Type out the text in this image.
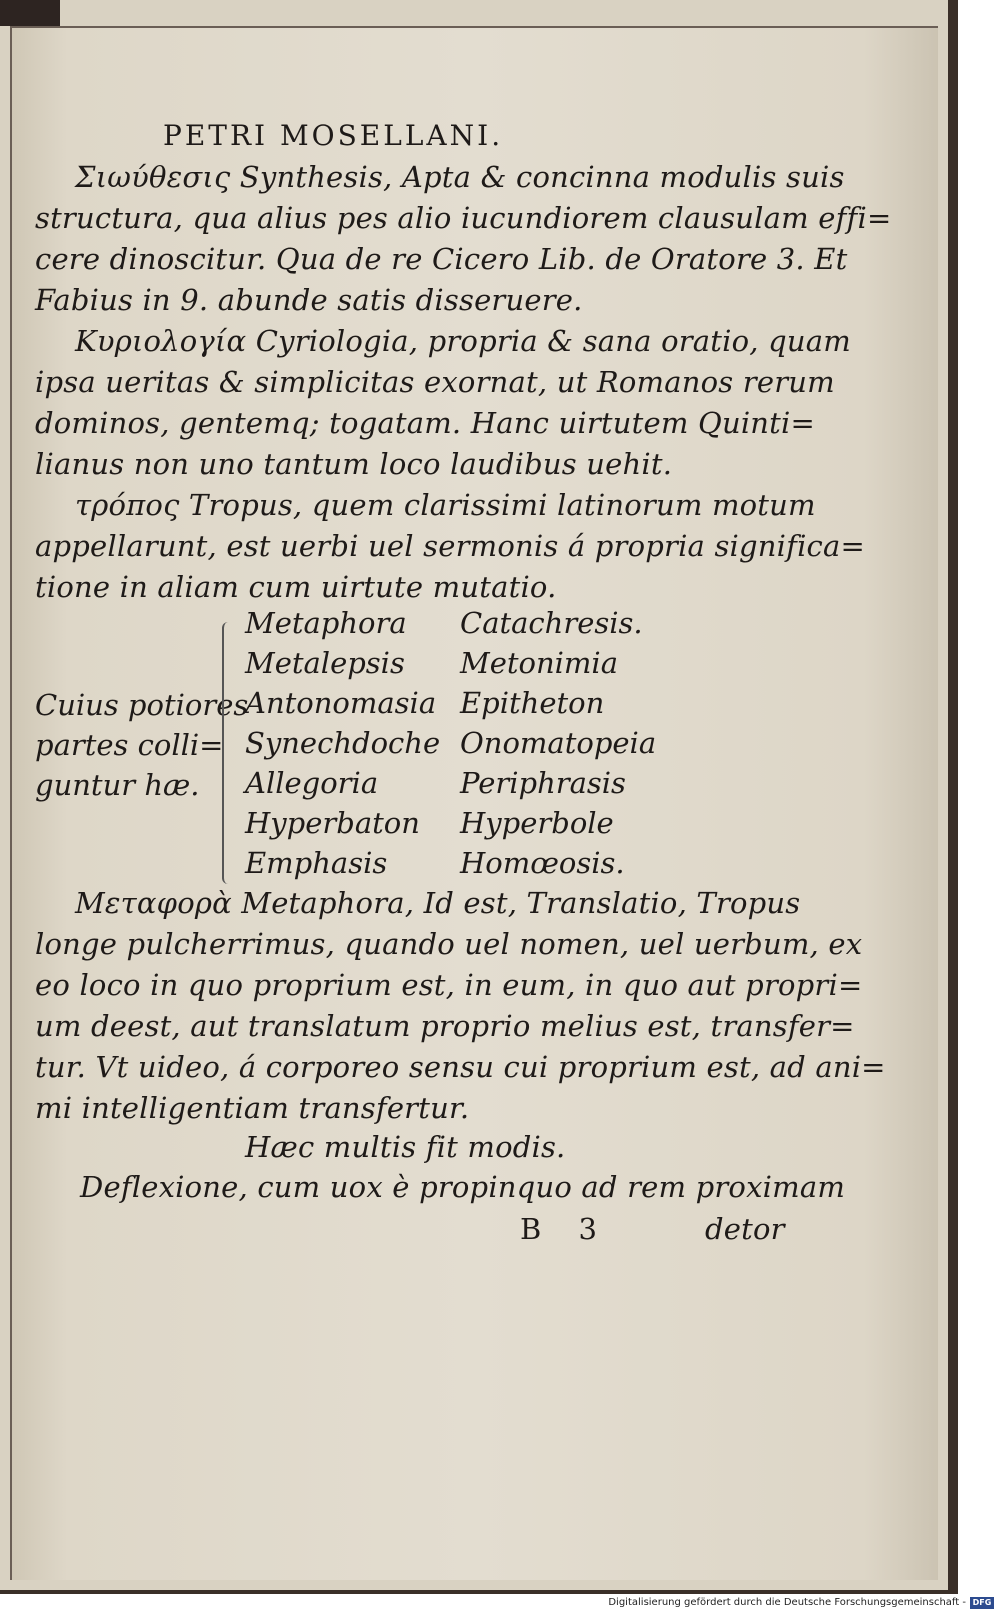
PETRI MOSELLANI.
Σιωύθεσις Synthesis, Apta & concinna modulis suis
structura, qua alius pes alio iucundiorem clausulam effi=
cere dinoscitur. Qua de re Cicero Lib. de Oratore 3. Et
Fabius in 9. abunde satis disseruere.
Κυριολογία Cyriologia, propria & sana oratio, quam
ipsa ueritas & simplicitas exornat, ut Romanos rerum
dominos, gentemq; togatam. Hanc uirtutem Quinti=
lianus non uno tantum loco laudibus uehit.
τρόπος Tropus, quem clarissimi latinorum motum
appellarunt, est uerbi uel sermonis á propria significa=
tione in aliam cum uirtute mutatio.
Cuius potiores
partes colli=
guntur hæ.
Metaphora
Metalepsis
Antonomasia
Synechdoche
Allegoria
Hyperbaton
Emphasis
Catachresis.
Metonimia
Epitheton
Onomatopeia
Periphrasis
Hyperbole
Homœosis.
Μεταφορὰ Metaphora, Id est, Translatio, Tropus
longe pulcherrimus, quando uel nomen, uel uerbum, ex
eo loco in quo proprium est, in eum, in quo aut propri=
um deest, aut translatum proprio melius est, transfer=
tur. Vt uideo, á corporeo sensu cui proprium est, ad ani=
mi intelligentiam transfertur.
Hæc multis fit modis.
Deflexione, cum uox è propinquo ad rem proximam
B 3	detor
Digitalisierung gefördert durch die Deutsche Forschungsgemeinschaft - DFG
